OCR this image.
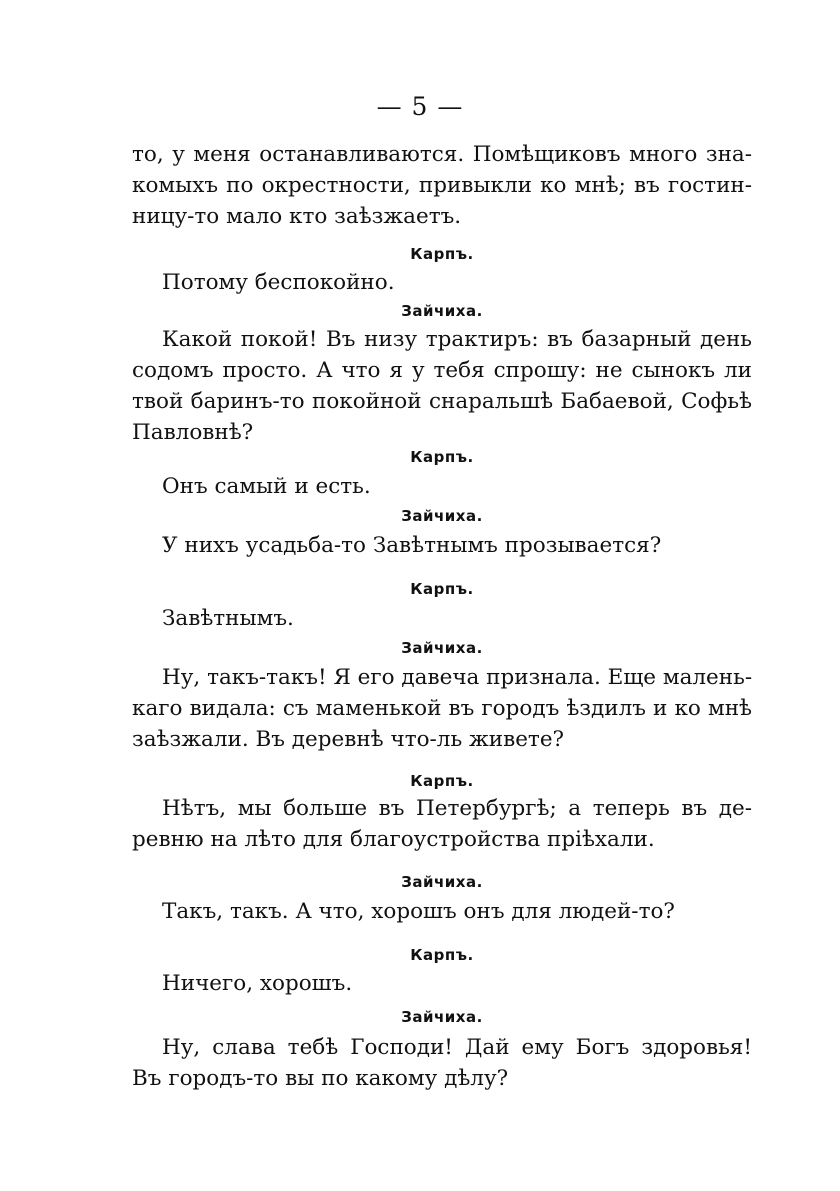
— 5 —
то, у меня останавливаются. Помѣщиковъ много зна-
комыхъ по окрестности, привыкли ко мнѣ; въ гостин-
ницу-то мало кто заѣзжаетъ.
Карпъ.
Потому беспокойно.
Зайчиха.
Какой покой! Въ низу трактиръ: въ базарный день
содомъ просто. А что я у тебя спрошу: не сынокъ ли
твой баринъ-то покойной снаральшѣ Бабаевой, Софьѣ
Павловнѣ?
Карпъ.
Онъ самый и есть.
Зайчиха.
У нихъ усадьба-то Завѣтнымъ прозывается?
Карпъ.
Завѣтнымъ.
Зайчиха.
Ну, такъ-такъ! Я его давеча признала. Еще малень-
каго видала: съ маменькой въ городъ ѣздилъ и ко мнѣ
заѣзжали. Въ деревнѣ что-ль живете?
Карпъ.
Нѣтъ, мы больше въ Петербургѣ; а теперь въ де-
ревню на лѣто для благоустройства пріѣхали.
Зайчиха.
Такъ, такъ. А что, хорошъ онъ для людей-то?
Карпъ.
Ничего, хорошъ.
Зайчиха.
Ну, слава тебѣ Господи! Дай ему Богъ здоровья!
Въ городъ-то вы по какому дѣлу?
